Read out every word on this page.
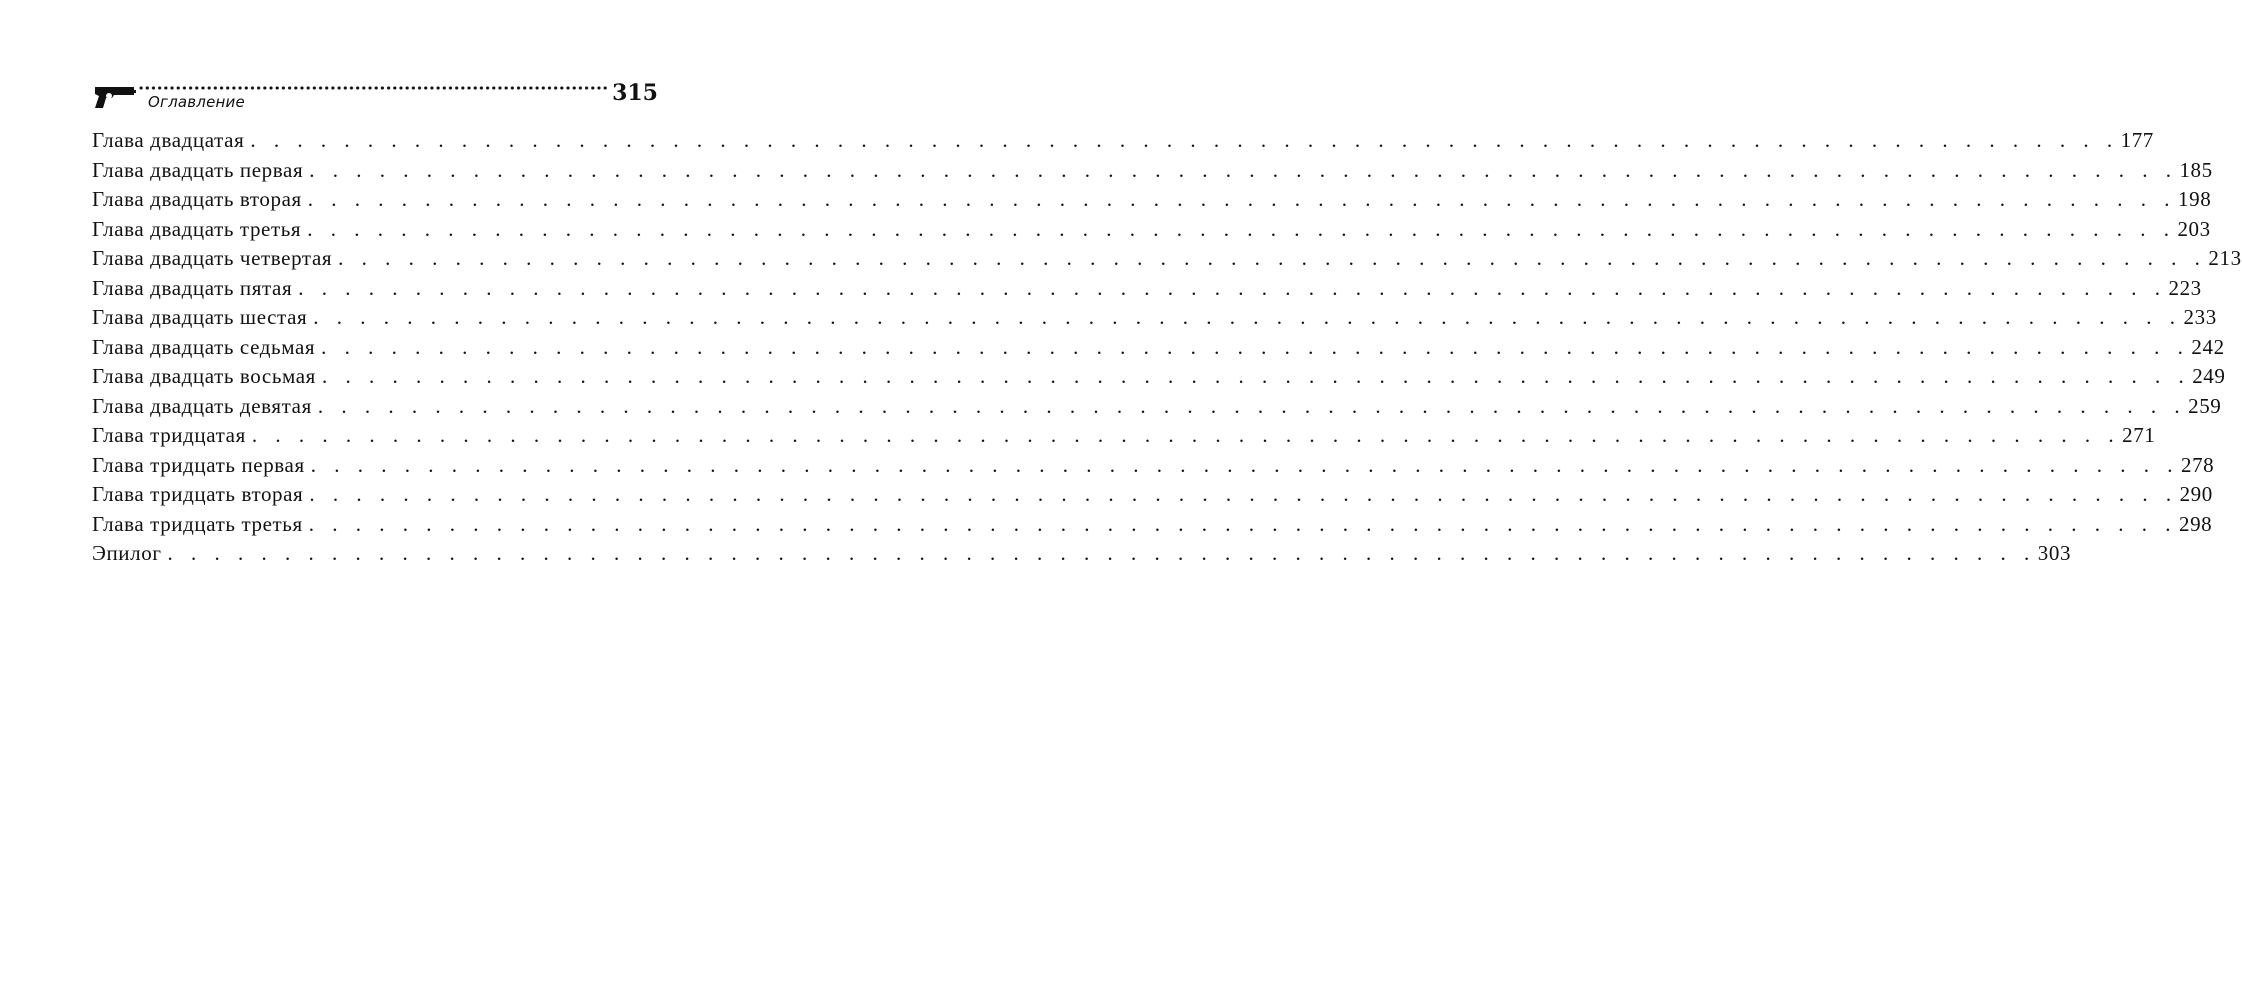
Оглавление	315
Глава двадцатая . . . . . . . . . . . . . . . . . . . . . . . . . . . . . . . . . . . . . . . . . . . . . . . . . . . . . . . . . . . . . . . . . . . . . . . . . . . . . . . . 177
Глава двадцать первая . . . . . . . . . . . . . . . . . . . . . . . . . . . . . . . . . . . . . . . . . . . . . . . . . . . . . . . . . . . . . . . . . . . . . . . . . . . . . . . . 185
Глава двадцать вторая . . . . . . . . . . . . . . . . . . . . . . . . . . . . . . . . . . . . . . . . . . . . . . . . . . . . . . . . . . . . . . . . . . . . . . . . . . . . . . . . 198
Глава двадцать третья . . . . . . . . . . . . . . . . . . . . . . . . . . . . . . . . . . . . . . . . . . . . . . . . . . . . . . . . . . . . . . . . . . . . . . . . . . . . . . . . 203
Глава двадцать четвертая . . . . . . . . . . . . . . . . . . . . . . . . . . . . . . . . . . . . . . . . . . . . . . . . . . . . . . . . . . . . . . . . . . . . . . . . . . . . . . . . 213
Глава двадцать пятая . . . . . . . . . . . . . . . . . . . . . . . . . . . . . . . . . . . . . . . . . . . . . . . . . . . . . . . . . . . . . . . . . . . . . . . . . . . . . . . . 223
Глава двадцать шестая . . . . . . . . . . . . . . . . . . . . . . . . . . . . . . . . . . . . . . . . . . . . . . . . . . . . . . . . . . . . . . . . . . . . . . . . . . . . . . . . 233
Глава двадцать седьмая . . . . . . . . . . . . . . . . . . . . . . . . . . . . . . . . . . . . . . . . . . . . . . . . . . . . . . . . . . . . . . . . . . . . . . . . . . . . . . . . 242
Глава двадцать восьмая . . . . . . . . . . . . . . . . . . . . . . . . . . . . . . . . . . . . . . . . . . . . . . . . . . . . . . . . . . . . . . . . . . . . . . . . . . . . . . . . 249
Глава двадцать девятая . . . . . . . . . . . . . . . . . . . . . . . . . . . . . . . . . . . . . . . . . . . . . . . . . . . . . . . . . . . . . . . . . . . . . . . . . . . . . . . . 259
Глава тридцатая . . . . . . . . . . . . . . . . . . . . . . . . . . . . . . . . . . . . . . . . . . . . . . . . . . . . . . . . . . . . . . . . . . . . . . . . . . . . . . . . 271
Глава тридцать первая . . . . . . . . . . . . . . . . . . . . . . . . . . . . . . . . . . . . . . . . . . . . . . . . . . . . . . . . . . . . . . . . . . . . . . . . . . . . . . . . 278
Глава тридцать вторая . . . . . . . . . . . . . . . . . . . . . . . . . . . . . . . . . . . . . . . . . . . . . . . . . . . . . . . . . . . . . . . . . . . . . . . . . . . . . . . . 290
Глава тридцать третья . . . . . . . . . . . . . . . . . . . . . . . . . . . . . . . . . . . . . . . . . . . . . . . . . . . . . . . . . . . . . . . . . . . . . . . . . . . . . . . . 298
Эпилог . . . . . . . . . . . . . . . . . . . . . . . . . . . . . . . . . . . . . . . . . . . . . . . . . . . . . . . . . . . . . . . . . . . . . . . . . . . . . . . . 303
